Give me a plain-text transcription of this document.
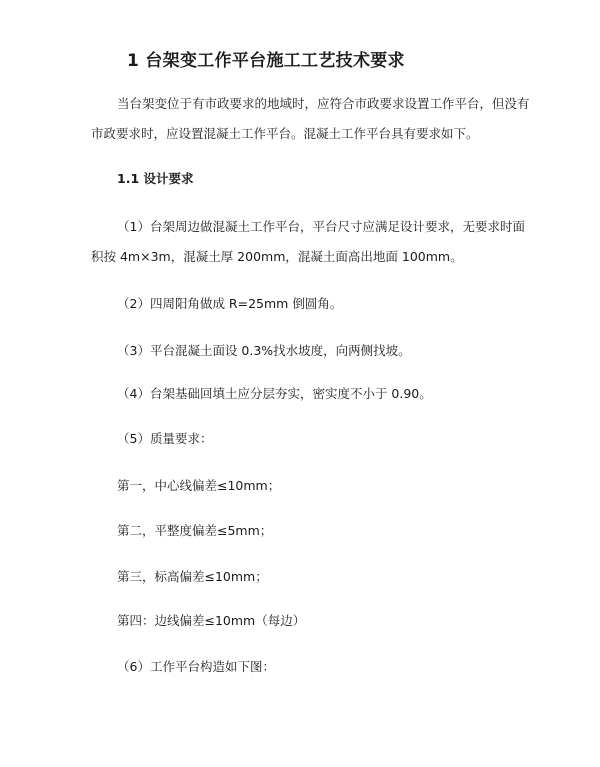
1 台架变工作平台施工工艺技术要求
当台架变位于有市政要求的地域时，应符合市政要求设置工作平台，但没有
市政要求时，应设置混凝土工作平台。混凝土工作平台具有要求如下。
1.1 设计要求
（1）台架周边做混凝土工作平台，平台尺寸应满足设计要求，无要求时面
积按 4m×3m，混凝土厚 200mm，混凝土面高出地面 100mm。
（2）四周阳角做成 R=25mm 倒圆角。
（3）平台混凝土面设 0.3%找水坡度，向两侧找坡。
（4）台架基础回填土应分层夯实，密实度不小于 0.90。
（5）质量要求：
第一，中心线偏差≤10mm；
第二，平整度偏差≤5mm；
第三，标高偏差≤10mm；
第四：边线偏差≤10mm（每边）
（6）工作平台构造如下图：
